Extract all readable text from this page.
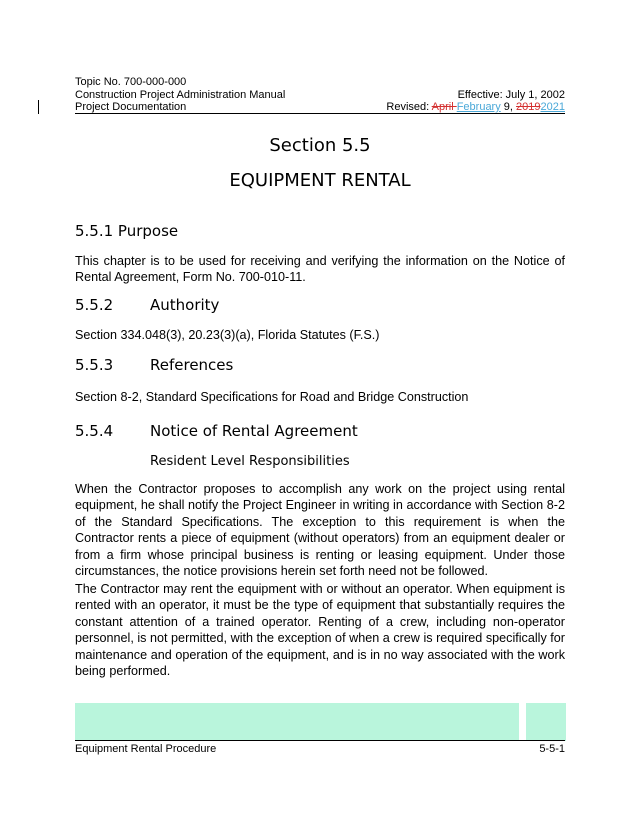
Topic No. 700-000-000
Construction Project Administration Manual
Project Documentation
Effective: July 1, 2002
Revised: April February 9, 20192021
Section 5.5
EQUIPMENT RENTAL
5.5.1 Purpose
This chapter is to be used for receiving and verifying the information on the Notice of Rental Agreement, Form No. 700-010-11.
5.5.2 Authority
Section 334.048(3), 20.23(3)(a), Florida Statutes (F.S.)
5.5.3 References
Section 8-2, Standard Specifications for Road and Bridge Construction
5.5.4 Notice of Rental Agreement
Resident Level Responsibilities
When the Contractor proposes to accomplish any work on the project using rental equipment, he shall notify the Project Engineer in writing in accordance with Section 8-2 of the Standard Specifications. The exception to this requirement is when the Contractor rents a piece of equipment (without operators) from an equipment dealer or from a firm whose principal business is renting or leasing equipment. Under those circumstances, the notice provisions herein set forth need not be followed.
The Contractor may rent the equipment with or without an operator. When equipment is rented with an operator, it must be the type of equipment that substantially requires the constant attention of a trained operator. Renting of a crew, including non-operator personnel, is not permitted, with the exception of when a crew is required specifically for maintenance and operation of the equipment, and is in no way associated with the work being performed.
Equipment Rental Procedure	5-5-1
